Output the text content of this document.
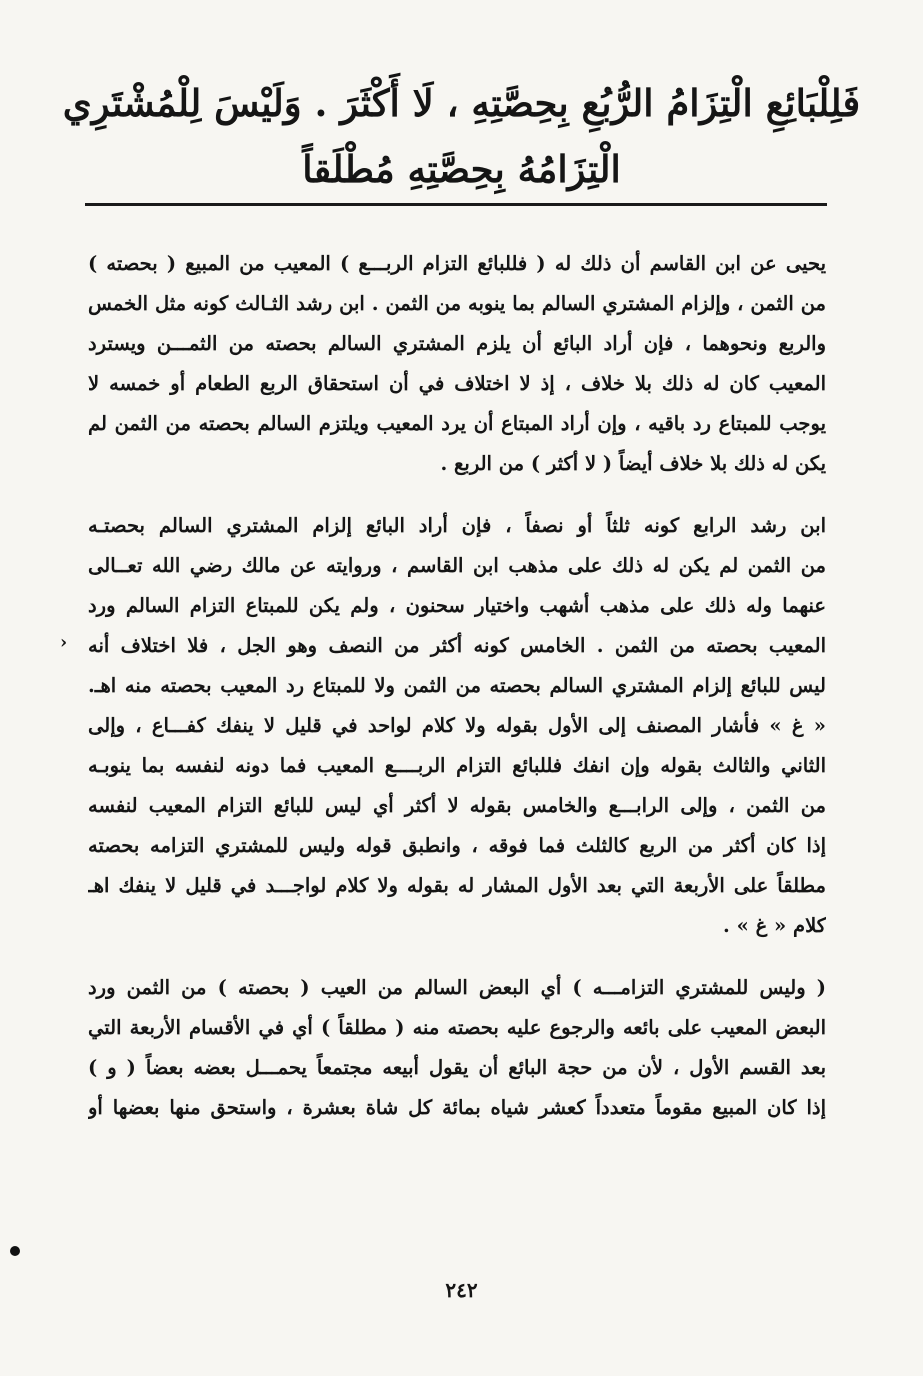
فَلِلْبَائِعِ الْتِزَامُ الرُّبُعِ بِحِصَّتِهِ ، لَا أَكْثَرَ . وَلَيْسَ لِلْمُشْتَرِي
الْتِزَامُهُ بِحِصَّتِهِ مُطْلَقاً
يحيى عن ابن القاسم أن ذلك له ( فللبائع التزام الربـــع ) المعيب من المبيع ( بحصته )
من الثمن ، وإلزام المشتري السالم بما ينوبه من الثمن . ابن رشد الثـالث كونه مثل الخمس
والربع ونحوهما ، فإن أراد البائع أن يلزم المشتري السالم بحصته من الثمـــن ويسترد
المعيب كان له ذلك بلا خلاف ، إذ لا اختلاف في أن استحقاق الربع الطعام أو خمسه لا
يوجب للمبتاع رد باقيه ، وإن أراد المبتاع أن يرد المعيب ويلتزم السالم بحصته من الثمن لم
يكن له ذلك بلا خلاف أيضاً ( لا أكثر ) من الربع .
ابن رشد الرابع كونه ثلثاً أو نصفاً ، فإن أراد البائع إلزام المشتري السالم بحصتـه
من الثمن لم يكن له ذلك على مذهب ابن القاسم ، وروايته عن مالك رضي الله تعــالى
عنهما وله ذلك على مذهب أشهب واختيار سحنون ، ولم يكن للمبتاع التزام السالم ورد
المعيب بحصته من الثمن . الخامس كونه أكثر من النصف وهو الجل ، فلا اختلاف أنه
ليس للبائع إلزام المشتري السالم بحصته من الثمن ولا للمبتاع رد المعيب بحصته منه اهـ.
« غ » فأشار المصنف إلى الأول بقوله ولا كلام لواحد في قليل لا ينفك كفـــاع ، وإلى
الثاني والثالث بقوله وإن انفك فللبائع التزام الربــــع المعيب فما دونه لنفسه بما ينوبـه
من الثمن ، وإلى الرابـــع والخامس بقوله لا أكثر أي ليس للبائع التزام المعيب لنفسه
إذا كان أكثر من الربع كالثلث فما فوقه ، وانطبق قوله وليس للمشتري التزامه بحصته
مطلقاً على الأربعة التي بعد الأول المشار له بقوله ولا كلام لواجـــد في قليل لا ينفك اهـ
كلام « غ » .
( وليس للمشتري التزامـــه ) أي البعض السالم من العيب ( بحصته ) من الثمن ورد
البعض المعيب على بائعه والرجوع عليه بحصته منه ( مطلقاً ) أي في الأقسام الأربعة التي
بعد القسم الأول ، لأن من حجة البائع أن يقول أبيعه مجتمعاً يحمـــل بعضه بعضاً ( و )
إذا كان المبيع مقوماً متعدداً كعشر شياه بمائة كل شاة بعشرة ، واستحق منها بعضها أو
‹
٢٤٢
